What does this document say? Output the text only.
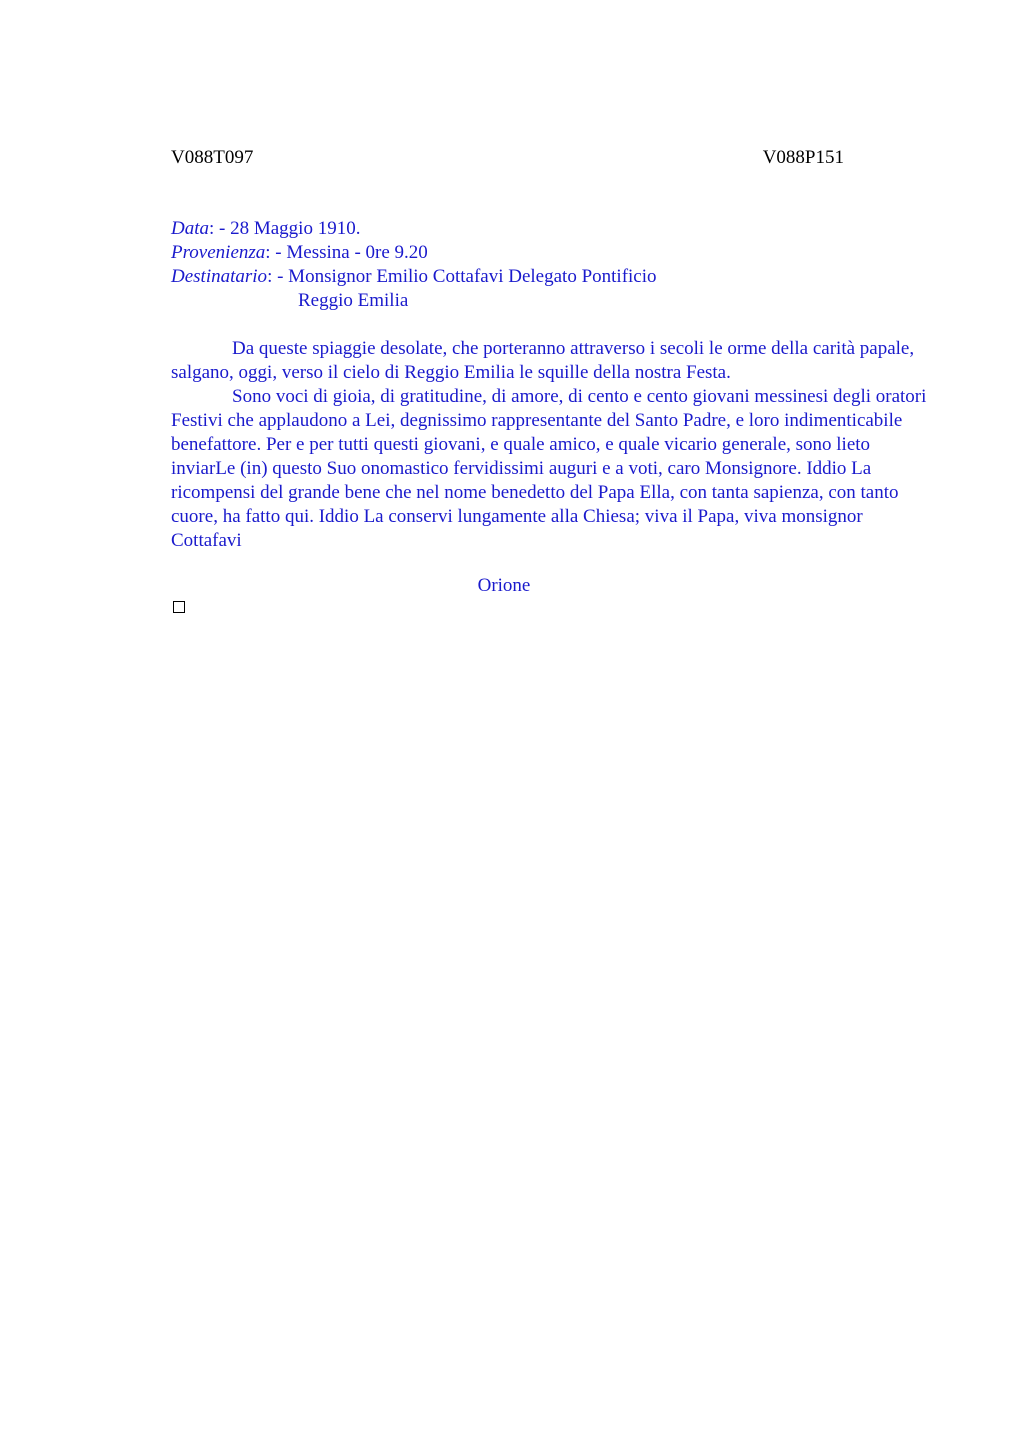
V088T097	V088P151
Data: - 28 Maggio 1910.
Provenienza: - Messina - 0re 9.20
Destinatario: - Monsignor Emilio Cottafavi Delegato Pontificio
Reggio Emilia

Da queste spiaggie desolate, che porteranno attraverso i secoli le orme della carità papale, salgano, oggi, verso il cielo di Reggio Emilia le squille della nostra Festa.

Sono voci di gioia, di gratitudine, di amore, di cento e cento giovani messinesi degli oratori Festivi che applaudono a Lei, degnissimo rappresentante del Santo Padre, e loro indimenticabile benefattore. Per e per tutti questi giovani, e quale amico, e quale vicario generale, sono lieto inviarLe (in) questo Suo onomastico fervidissimi auguri e a voti, caro Monsignore. Iddio La ricompensi del grande bene che nel nome benedetto del Papa Ella, con tanta sapienza, con tanto cuore, ha fatto qui. Iddio La conservi lungamente alla Chiesa; viva il Papa, viva monsignor Cottafavi

Orione
